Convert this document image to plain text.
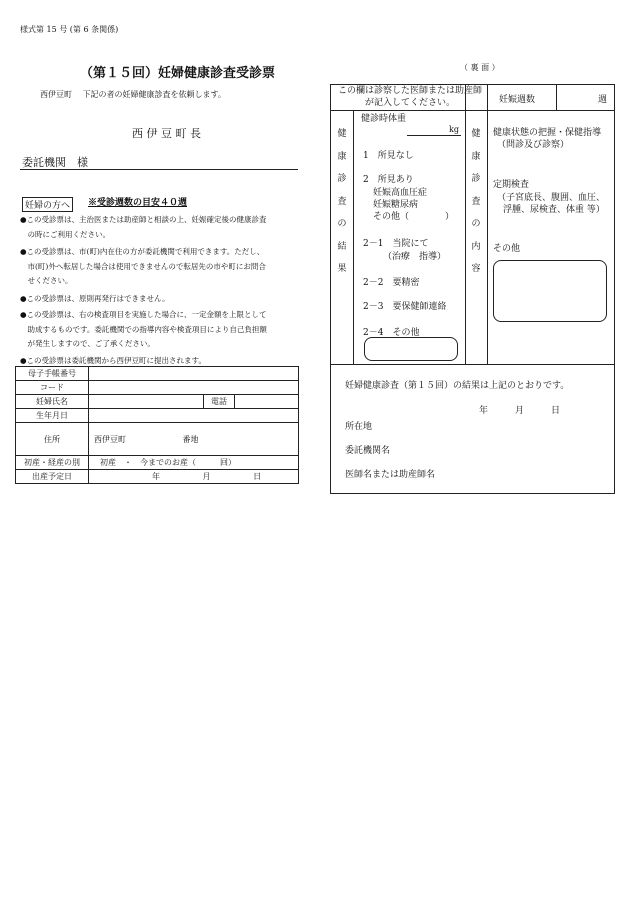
様式第 15 号 (第 6 条関係)
（第１５回）妊婦健康診査受診票
西伊豆町　 下記の者の妊婦健康診査を依頼します。
西 伊 豆 町 長
委託機関　様
妊婦の方へ	※受診週数の目安４０週
●この受診票は、主治医または助産師と相談の上、妊娠確定後の健康診査
　の時にご利用ください。
●この受診票は、市(町)内在住の方が委託機関で利用できます。ただし、
　市(町)外へ転居した場合は使用できませんので転居先の市や町にお問合
　せください。
●この受診票は、原則再発行はできません。
●この受診票は、右の検査項目を実施した場合に、一定金額を上限として
　助成するものです。委託機関での指導内容や検査項目により自己負担額
　が発生しますので、ご了承ください。
●この受診票は委託機関から西伊豆町に提出されます。
母子手帳番号			
コード			
妊婦氏名		電話	
生年月日			
住所	西伊豆町 番地		
初産・経産の別	初産　・　今までのお産（　　　回）		
出産予定日	年 月 日		
（ 裏 面 ）
この欄は診察した医師または助産師が記入してください。	妊娠週数	週
健
康
診
査
の
結
果
健
康
診
査
の
内
容
健診時体重
kg
1　所見なし
2　所見あり
妊娠高血圧症
妊娠糖尿病
その他（　　　　）
2－1　当院にて
（治療　指導）
2－2　要精密
2－3　要保健師連絡
2－4　その他
健康状態の把握・保健指導
（問診及び診察）
定期検査
（子宮底長、腹囲、血圧、
浮腫、尿検査、体重 等）
その他
妊婦健康診査（第１５回）の結果は上記のとおりです。
年　　　月　　　日
所在地
委託機関名
医師名または助産師名
